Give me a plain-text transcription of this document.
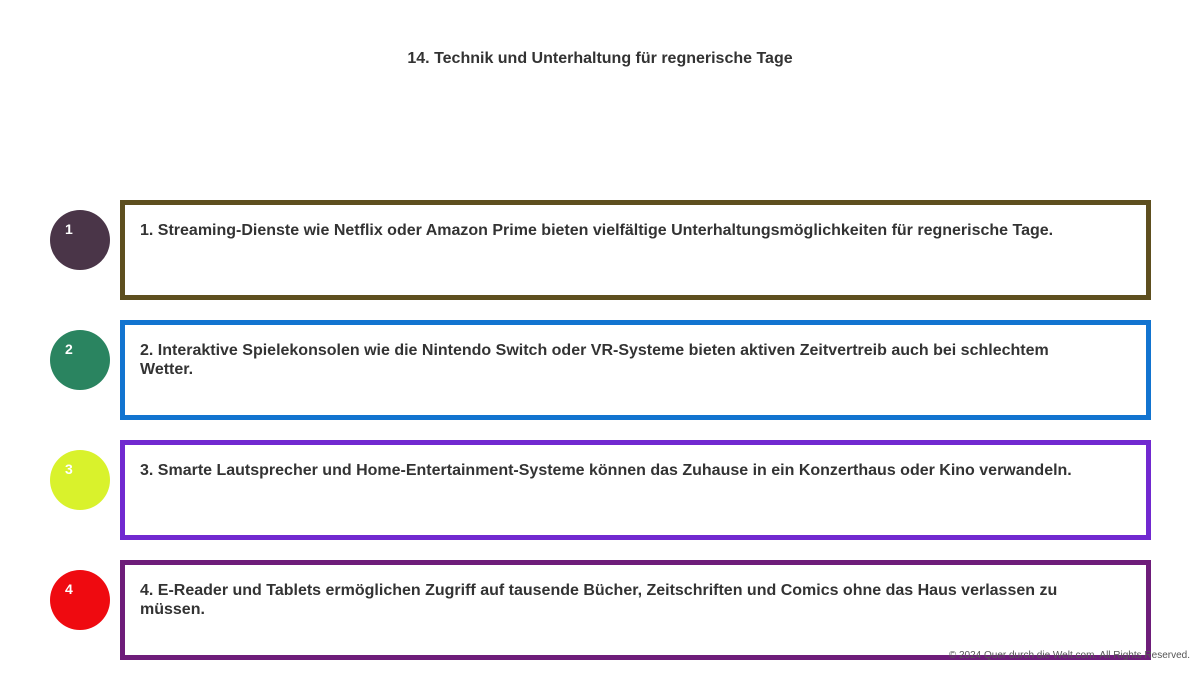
14. Technik und Unterhaltung für regnerische Tage
1	1. Streaming-Dienste wie Netflix oder Amazon Prime bieten vielfältige Unterhaltungsmöglichkeiten für regnerische Tage.
2	2. Interaktive Spielekonsolen wie die Nintendo Switch oder VR-Systeme bieten aktiven Zeitvertreib auch bei schlechtem Wetter.
3	3. Smarte Lautsprecher und Home-Entertainment-Systeme können das Zuhause in ein Konzerthaus oder Kino verwandeln.
4	4. E-Reader und Tablets ermöglichen Zugriff auf tausende Bücher, Zeitschriften und Comics ohne das Haus verlassen zu müssen.
© 2024 Quer durch die Welt.com. All Rights Reserved.
